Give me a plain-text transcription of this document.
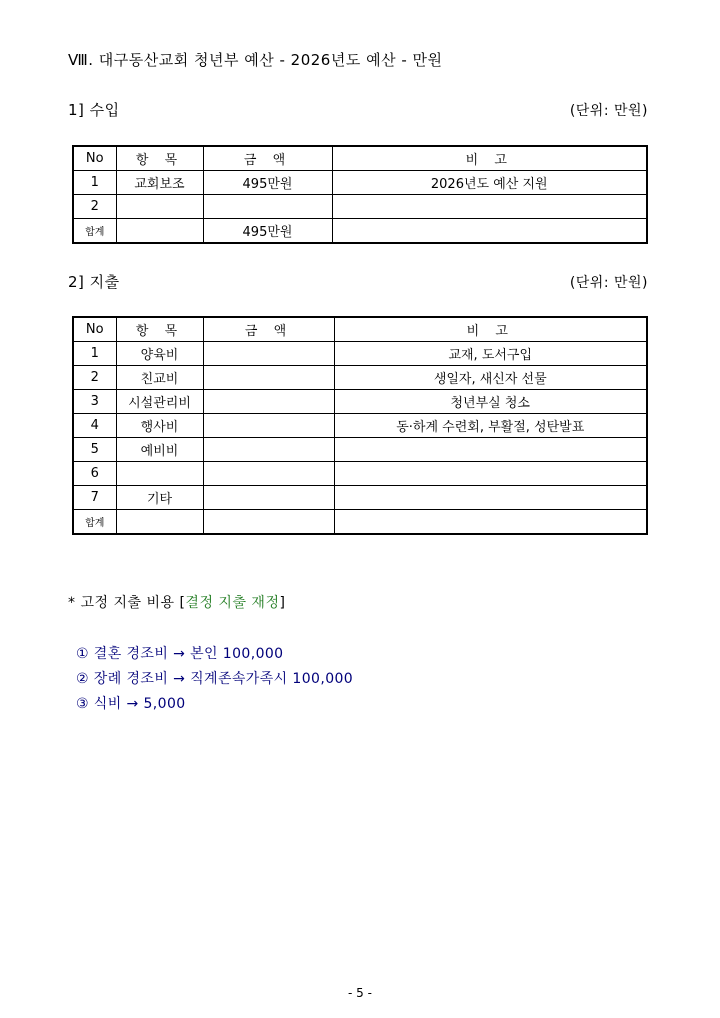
Ⅷ. 대구동산교회 청년부 예산 - 2026년도 예산 - 만원
1] 수입	(단위: 만원)
No	항 목	금 액	비 고
1	교회보조	495만원	2026년도 예산 지원
2			
합계		495만원	
2] 지출	(단위: 만원)
No	항 목	금 액	비 고
1	양육비		교재, 도서구입
2	친교비		생일자, 새신자 선물
3	시설관리비		청년부실 청소
4	행사비		동·하계 수련회, 부활절, 성탄발표
5	예비비		
6			
7	기타		
합계			
* 고정 지출 비용 [결정 지출 재정]
① 결혼 경조비 → 본인 100,000
② 장례 경조비 → 직계존속가족시 100,000
③ 식비 → 5,000
- 5 -
